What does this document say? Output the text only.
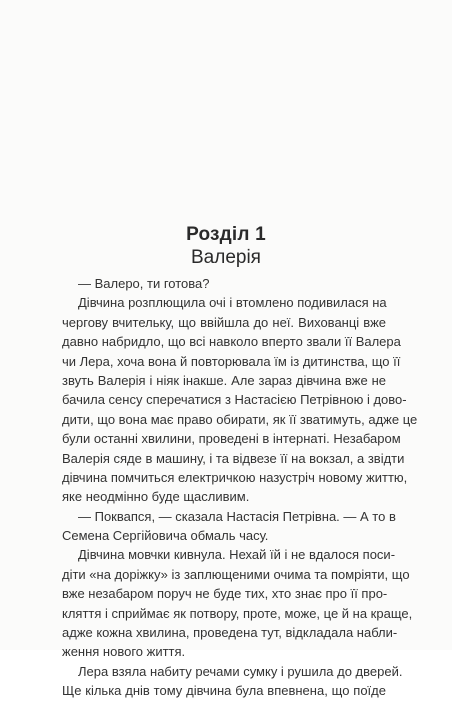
Розділ 1
Валерія
— Валеро, ти готова?
Дівчина розплющила очі і втомлено подивилася на
чергову вчительку, що ввійшла до неї. Вихованці вже
давно набридло, що всі навколо вперто звали її Валера
чи Лера, хоча вона й повторювала їм із дитинства, що її
звуть Валерія і ніяк інакше. Але зараз дівчина вже не
бачила сенсу сперечатися з Настасією Петрівною і дово-
дити, що вона має право обирати, як її зватимуть, адже це
були останні хвилини, проведені в інтернаті. Незабаром
Валерія сяде в машину, і та відвезе її на вокзал, а звідти
дівчина помчиться електричкою назустріч новому життю,
яке неодмінно буде щасливим.
— Поквапся, — сказала Настасія Петрівна. — А то в
Семена Сергійовича обмаль часу.
Дівчина мовчки кивнула. Нехай їй і не вдалося поси-
діти «на доріжку» із заплющеними очима та помріяти, що
вже незабаром поруч не буде тих, хто знає про її про-
кляття і сприймає як потвору, проте, може, це й на краще,
адже кожна хвилина, проведена тут, відкладала набли-
ження нового життя.
Лера взяла набиту речами сумку і рушила до дверей.
Ще кілька днів тому дівчина була впевнена, що поїде
